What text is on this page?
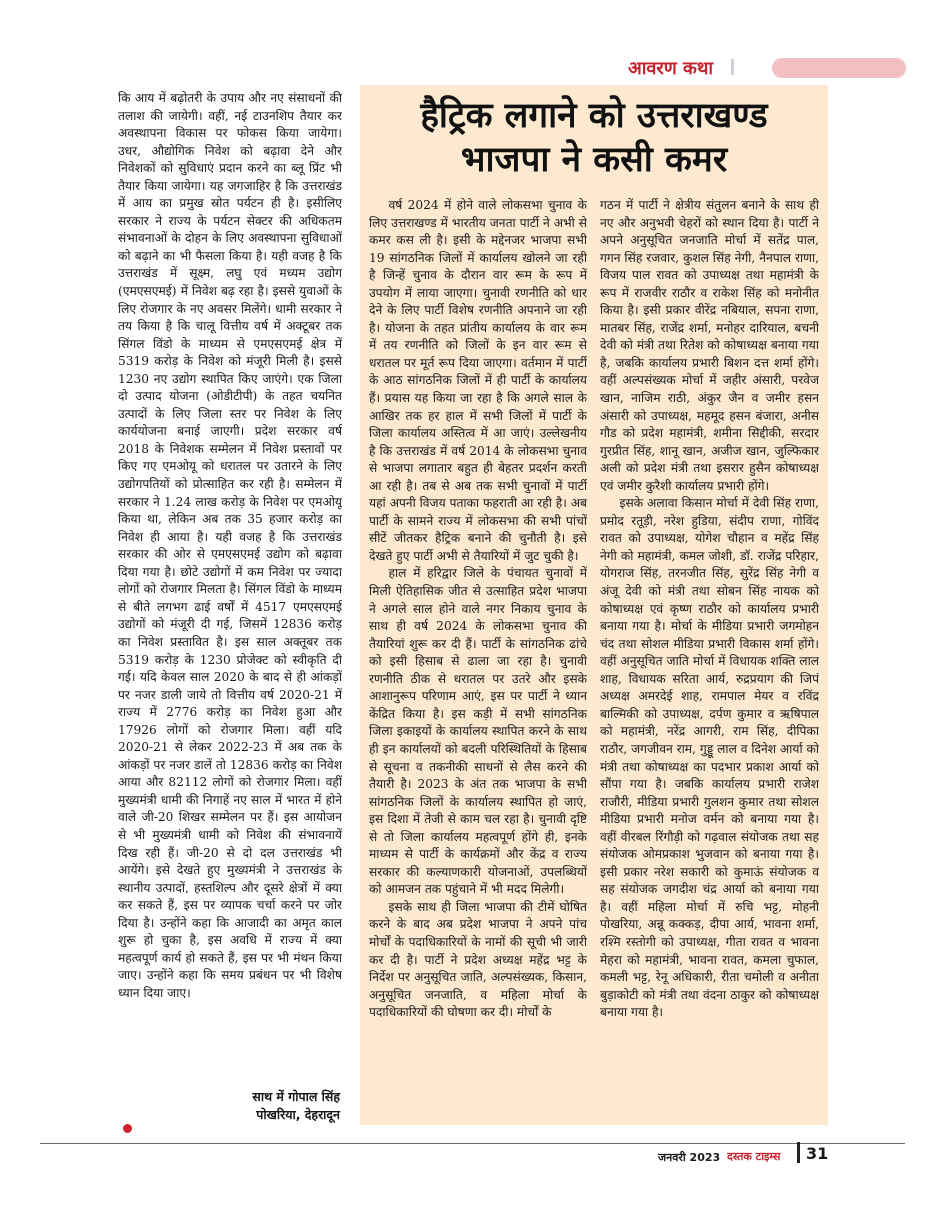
आवरण कथा

कि आय में बढ़ोतरी के उपाय और नए संसाधनों की तलाश की जायेगी। वहीं, नई टाउनशिप तैयार कर अवस्थापना विकास पर फोकस किया जायेगा। उधर, औद्योगिक निवेश को बढ़ावा देने और निवेशकों को सुविधाएं प्रदान करने का ब्लू प्रिंट भी तैयार किया जायेगा। यह जगजाहिर है कि उत्तराखंड में आय का प्रमुख स्रोत पर्यटन ही है। इसीलिए सरकार ने राज्य के पर्यटन सेक्टर की अधिकतम संभावनाओं के दोहन के लिए अवस्थापना सुविधाओं को बढ़ाने का भी फैसला किया है। यही वजह है कि उत्तराखंड में सूक्ष्म, लघु एवं मध्यम उद्योग (एमएसएमई) में निवेश बढ़ रहा है। इससे युवाओं के लिए रोजगार के नए अवसर मिलेंगे। धामी सरकार ने तय किया है कि चालू वित्तीय वर्ष में अक्टूबर तक सिंगल विंडो के माध्यम से एमएसएमई क्षेत्र में 5319 करोड़ के निवेश को मंजूरी मिली है। इससे 1230 नए उद्योग स्थापित किए जाएंगे। एक जिला दो उत्पाद योजना (ओडीटीपी) के तहत चयनित उत्पादों के लिए जिला स्तर पर निवेश के लिए कार्ययोजना बनाई जाएगी। प्रदेश सरकार वर्ष 2018 के निवेशक सम्मेलन में निवेश प्रस्तावों पर किए गए एमओयू को धरातल पर उतारने के लिए उद्योगपतियों को प्रोत्साहित कर रही है। सम्मेलन में सरकार ने 1.24 लाख करोड़ के निवेश पर एमओयू किया था, लेकिन अब तक 35 हजार करोड़ का निवेश ही आया है। यही वजह है कि उत्तराखंड सरकार की ओर से एमएसएमई उद्योग को बढ़ावा दिया गया है। छोटे उद्योगों में कम निवेश पर ज्यादा लोगों को रोजगार मिलता है। सिंगल विंडो के माध्यम से बीते लगभग ढाई वर्षों में 4517 एमएसएमई उद्योगों को मंजूरी दी गई, जिसमें 12836 करोड़ का निवेश प्रस्तावित है। इस साल अक्तूबर तक 5319 करोड़ के 1230 प्रोजेक्ट को स्वीकृति दी गई। यदि केवल साल 2020 के बाद से ही आंकड़ों पर नजर डाली जाये तो वित्तीय वर्ष 2020-21 में राज्य में 2776 करोड़ का निवेश हुआ और 17926 लोगों को रोजगार मिला। वहीं यदि 2020-21 से लेकर 2022-23 में अब तक के आंकड़ों पर नजर डालें तो 12836 करोड़ का निवेश आया और 82112 लोगों को रोजगार मिला। वहीं मुख्यमंत्री धामी की निगाहें नए साल में भारत में होने वाले जी-20 शिखर सम्मेलन पर हैं। इस आयोजन से भी मुख्यमंत्री धामी को निवेश की संभावनायें दिख रही हैं। जी-20 से दो दल उत्तराखंड भी आयेंगे। इसे देखते हुए मुख्यमंत्री ने उत्तराखंड के स्थानीय उत्पादों, हस्तशिल्प और दूसरे क्षेत्रों में क्या कर सकते हैं, इस पर व्यापक चर्चा करने पर जोर दिया है। उन्होंने कहा कि आजादी का अमृत काल शुरू हो चुका है, इस अवधि में राज्य में क्या महत्वपूर्ण कार्य हो सकते हैं, इस पर भी मंथन किया जाए। उन्होंने कहा कि समय प्रबंधन पर भी विशेष ध्यान दिया जाए।

साथ में गोपाल सिंह
पोखरिया, देहरादून
हैट्रिक लगाने को उत्तराखण्ड
भाजपा ने कसी कमर

वर्ष 2024 में होने वाले लोकसभा चुनाव के लिए उत्तराखण्ड में भारतीय जनता पार्टी ने अभी से कमर कस ली है। इसी के मद्देनजर भाजपा सभी 19 सांगठनिक जिलों में कार्यालय खोलने जा रही है जिन्हें चुनाव के दौरान वार रूम के रूप में उपयोग में लाया जाएगा। चुनावी रणनीति को धार देने के लिए पार्टी विशेष रणनीति अपनाने जा रही है। योजना के तहत प्रांतीय कार्यालय के वार रूम में तय रणनीति को जिलों के इन वार रूम से धरातल पर मूर्त रूप दिया जाएगा। वर्तमान में पार्टी के आठ सांगठनिक जिलों में ही पार्टी के कार्यालय हैं। प्रयास यह किया जा रहा है कि अगले साल के आखिर तक हर हाल में सभी जिलों में पार्टी के जिला कार्यालय अस्तित्व में आ जाएं। उल्लेखनीय है कि उत्तराखंड में वर्ष 2014 के लोकसभा चुनाव से भाजपा लगातार बहुत ही बेहतर प्रदर्शन करती आ रही है। तब से अब तक सभी चुनावों में पार्टी यहां अपनी विजय पताका फहराती आ रही है। अब पार्टी के सामने राज्य में लोकसभा की सभी पांचों सीटें जीतकर हैट्रिक बनाने की चुनौती है। इसे देखते हुए पार्टी अभी से तैयारियों में जुट चुकी है।

हाल में हरिद्वार जिले के पंचायत चुनावों में मिली ऐतिहासिक जीत से उत्साहित प्रदेश भाजपा ने अगले साल होने वाले नगर निकाय चुनाव के साथ ही वर्ष 2024 के लोकसभा चुनाव की तैयारियां शुरू कर दी हैं। पार्टी के सांगठनिक ढांचे को इसी हिसाब से ढाला जा रहा है। चुनावी रणनीति ठीक से धरातल पर उतरे और इसके आशानुरूप परिणाम आएं, इस पर पार्टी ने ध्यान केंद्रित किया है। इस कड़ी में सभी सांगठनिक जिला इकाइयों के कार्यालय स्थापित करने के साथ ही इन कार्यालयों को बदली परिस्थितियों के हिसाब से सूचना व तकनीकी साधनों से लैस करने की तैयारी है। 2023 के अंत तक भाजपा के सभी सांगठनिक जिलों के कार्यालय स्थापित हो जाएं, इस दिशा में तेजी से काम चल रहा है। चुनावी दृष्टि से तो जिला कार्यालय महत्वपूर्ण होंगे ही, इनके माध्यम से पार्टी के कार्यक्रमों और केंद्र व राज्य सरकार की कल्याणकारी योजनाओं, उपलब्धियों को आमजन तक पहुंचाने में भी मदद मिलेगी।

इसके साथ ही जिला भाजपा की टीमें घोषित करने के बाद अब प्रदेश भाजपा ने अपने पांच मोर्चों के पदाधिकारियों के नामों की सूची भी जारी कर दी है। पार्टी ने प्रदेश अध्यक्ष महेंद्र भट्ट के निर्देश पर अनुसूचित जाति, अल्पसंख्यक, किसान, अनुसूचित जनजाति, व महिला मोर्चा के पदाधिकारियों की घोषणा कर दी। मोर्चों के

गठन में पार्टी ने क्षेत्रीय संतुलन बनाने के साथ ही नए और अनुभवी चेहरों को स्थान दिया है। पार्टी ने अपने अनुसूचित जनजाति मोर्चा में सतेंद्र पाल, गगन सिंह रजवार, कुशल सिंह नेगी, नैनपाल राणा, विजय पाल रावत को उपाध्यक्ष तथा महामंत्री के रूप में राजवीर राठौर व राकेश सिंह को मनोनीत किया है। इसी प्रकार वीरेंद्र नबियाल, सपना राणा, मातबर सिंह, राजेंद्र शर्मा, मनोहर दारियाल, बचनी देवी को मंत्री तथा रितेश को कोषाध्यक्ष बनाया गया है, जबकि कार्यालय प्रभारी बिशन दत्त शर्मा होंगे। वहीं अल्पसंख्यक मोर्चा में जहीर अंसारी, परवेज खान, नाजिम राठी, अंकुर जैन व जमीर हसन अंसारी को उपाध्यक्ष, महमूद हसन बंजारा, अनीस गौड को प्रदेश महामंत्री, शमीना सिद्दीकी, सरदार गुरप्रीत सिंह, शानू खान, अजीज खान, जुल्फिकार अली को प्रदेश मंत्री तथा इसरार हुसैन कोषाध्यक्ष एवं जमीर कुरैशी कार्यालय प्रभारी होंगे।

इसके अलावा किसान मोर्चा में देवी सिंह राणा, प्रमोद रतूड़ी, नरेश हुडिया, संदीप राणा, गोविंद रावत को उपाध्यक्ष, योगेश चौहान व महेंद्र सिंह नेगी को महामंत्री, कमल जोशी, डॉ. राजेंद्र परिहार, योगराज सिंह, तरनजीत सिंह, सुरेंद्र सिंह नेगी व अंजू देवी को मंत्री तथा सोबन सिंह नायक को कोषाध्यक्ष एवं कृष्ण राठौर को कार्यालय प्रभारी बनाया गया है। मोर्चा के मीडिया प्रभारी जगमोहन चंद तथा सोशल मीडिया प्रभारी विकास शर्मा होंगे। वहीं अनुसूचित जाति मोर्चा में विधायक शक्ति लाल शाह, विधायक सरिता आर्य, रुद्रप्रयाग की जिपं अध्यक्ष अमरदेई शाह, रामपाल मेयर व रविंद्र बाल्मिकी को उपाध्यक्ष, दर्पण कुमार व ऋषिपाल को महामंत्री, नरेंद्र आगरी, राम सिंह, दीपिका राठौर, जगजीवन राम, गुड्डू लाल व दिनेश आर्या को मंत्री तथा कोषाध्यक्ष का पदभार प्रकाश आर्या को सौंपा गया है। जबकि कार्यालय प्रभारी राजेश राजौरी, मीडिया प्रभारी गुलशन कुमार तथा सोशल मीडिया प्रभारी मनोज वर्मन को बनाया गया है। वहीं वीरबल रिंगौड़ी को गढ़वाल संयोजक तथा सह संयोजक ओमप्रकाश भुजवान को बनाया गया है। इसी प्रकार नरेश सकारी को कुमाऊं संयोजक व सह संयोजक जगदीश चंद्र आर्या को बनाया गया है। वहीं महिला मोर्चा में रुचि भट्ट, मोहनी पोखरिया, अन्नू कक्कड़, दीपा आर्य, भावना शर्मा, रश्मि रस्तोगी को उपाध्यक्ष, गीता रावत व भावना मेहरा को महामंत्री, भावना रावत, कमला चुफाल, कमली भट्ट, रेनू अधिकारी, रीता चमोली व अनीता बुड़ाकोटी को मंत्री तथा वंदना ठाकुर को कोषाध्यक्ष बनाया गया है।

जनवरी 2023 दस्तक टाइम्स 31
